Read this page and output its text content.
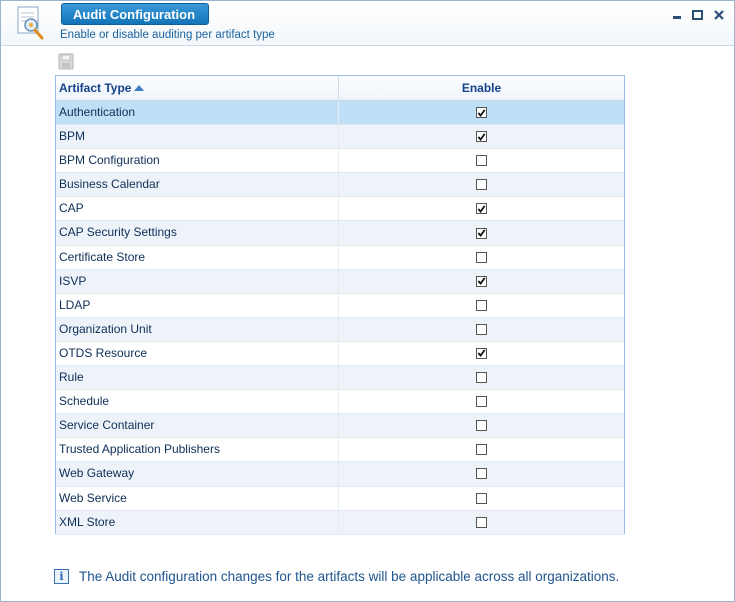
Audit Configuration
Enable or disable auditing per artifact type
Artifact Type	Enable
Authentication
BPM
BPM Configuration
Business Calendar
CAP
CAP Security Settings
Certificate Store
ISVP
LDAP
Organization Unit
OTDS Resource
Rule
Schedule
Service Container
Trusted Application Publishers
Web Gateway
Web Service
XML Store
i	The Audit configuration changes for the artifacts will be applicable across all organizations.
